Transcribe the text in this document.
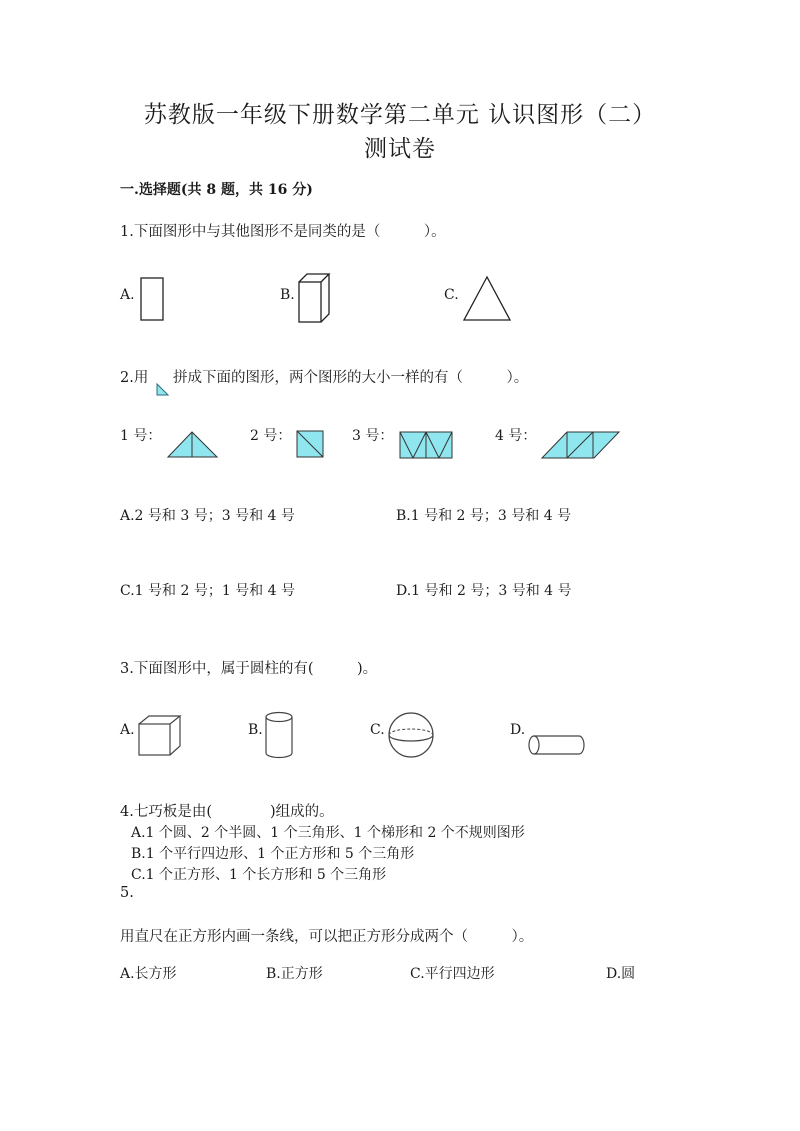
苏教版一年级下册数学第二单元 认识图形（二）
测试卷
一.选择题(共 8 题，共 16 分)
1.下面图形中与其他图形不是同类的是（　　　）。
A.	B.	C.
2.用 拼成下面的图形，两个图形的大小一样的有（　　　）。
1 号：	2 号：	3 号：	4 号：
A.2 号和 3 号；3 号和 4 号	B.1 号和 2 号；3 号和 4 号
C.1 号和 2 号；1 号和 4 号	D.1 号和 2 号；3 号和 4 号
3.下面图形中，属于圆柱的有(　　　)。
A.	B.	C.	D.
4.七巧板是由(　　　　)组成的。
A.1 个圆、2 个半圆、1 个三角形、1 个梯形和 2 个不规则图形
B.1 个平行四边形、1 个正方形和 5 个三角形
C.1 个正方形、1 个长方形和 5 个三角形
5.
用直尺在正方形内画一条线，可以把正方形分成两个（　　　）。
A.长方形	B.正方形	C.平行四边形	D.圆
